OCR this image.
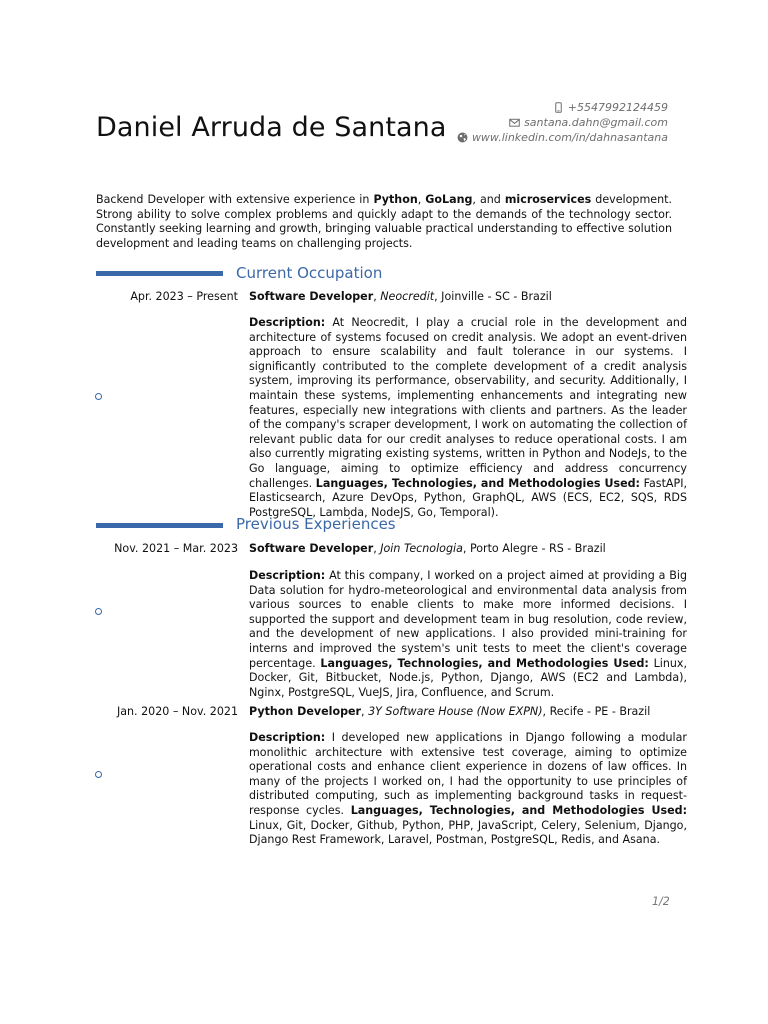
Daniel Arruda de Santana
+5547992124459
santana.dahn@gmail.com
www.linkedin.com/in/dahnasantana
Backend Developer with extensive experience in Python, GoLang, and microservices development. Strong ability to solve complex problems and quickly adapt to the demands of the technology sector. Constantly seeking learning and growth, bringing valuable practical understanding to effective solution development and leading teams on challenging projects.
Current Occupation
Apr. 2023 – Present Software Developer, Neocredit, Joinville - SC - Brazil
Description: At Neocredit, I play a crucial role in the development and architecture of systems focused on credit analysis. We adopt an event-driven approach to ensure scalability and fault tolerance in our systems. I significantly contributed to the complete development of a credit analysis system, improving its performance, observability, and security. Additionally, I maintain these systems, implementing enhancements and integrating new features, especially new integrations with clients and partners. As the leader of the company's scraper development, I work on automating the collection of relevant public data for our credit analyses to reduce operational costs. I am also currently migrating existing systems, written in Python and NodeJs, to the Go language, aiming to optimize efficiency and address concurrency challenges. Languages, Technologies, and Methodologies Used: FastAPI, Elasticsearch, Azure DevOps, Python, GraphQL, AWS (ECS, EC2, SQS, RDS PostgreSQL, Lambda, NodeJS, Go, Temporal).
Previous Experiences
Nov. 2021 – Mar. 2023 Software Developer, Join Tecnologia, Porto Alegre - RS - Brazil
Description: At this company, I worked on a project aimed at providing a Big Data solution for hydro-meteorological and environmental data analysis from various sources to enable clients to make more informed decisions. I supported the support and development team in bug resolution, code review, and the development of new applications. I also provided mini-training for interns and improved the system's unit tests to meet the client's coverage percentage. Languages, Technologies, and Methodologies Used: Linux, Docker, Git, Bitbucket, Node.js, Python, Django, AWS (EC2 and Lambda), Nginx, PostgreSQL, VueJS, Jira, Confluence, and Scrum.
Jan. 2020 – Nov. 2021 Python Developer, 3Y Software House (Now EXPN), Recife - PE - Brazil
Description: I developed new applications in Django following a modular monolithic architecture with extensive test coverage, aiming to optimize operational costs and enhance client experience in dozens of law offices. In many of the projects I worked on, I had the opportunity to use principles of distributed computing, such as implementing background tasks in request-response cycles. Languages, Technologies, and Methodologies Used: Linux, Git, Docker, Github, Python, PHP, JavaScript, Celery, Selenium, Django, Django Rest Framework, Laravel, Postman, PostgreSQL, Redis, and Asana.
1/2
